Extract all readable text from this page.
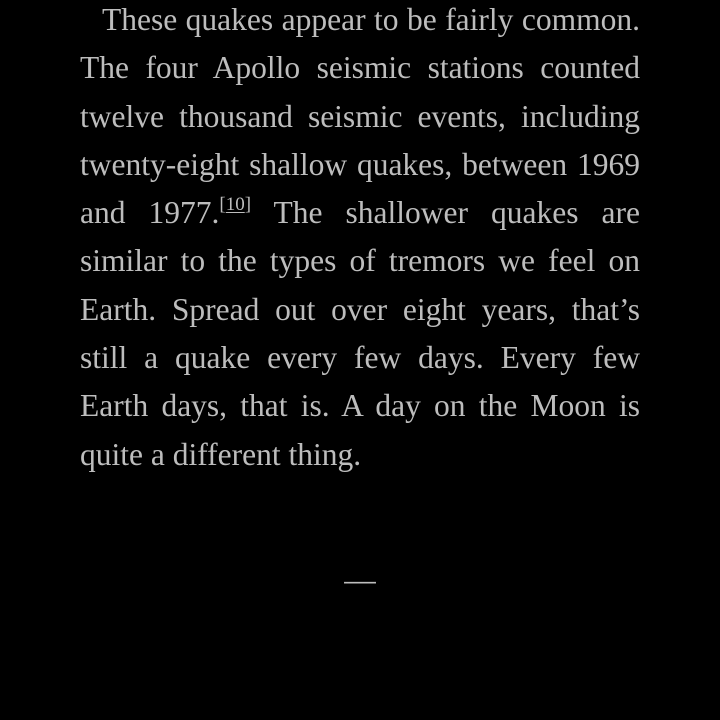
These quakes appear to be fairly common. The four Apollo seismic stations counted twelve thousand seismic events, including twenty-eight shallow quakes, between 1969 and 1977.[10] The shallower quakes are similar to the types of tremors we feel on Earth. Spread out over eight years, that’s still a quake every few days. Every few Earth days, that is. A day on the Moon is quite a different thing.

—
